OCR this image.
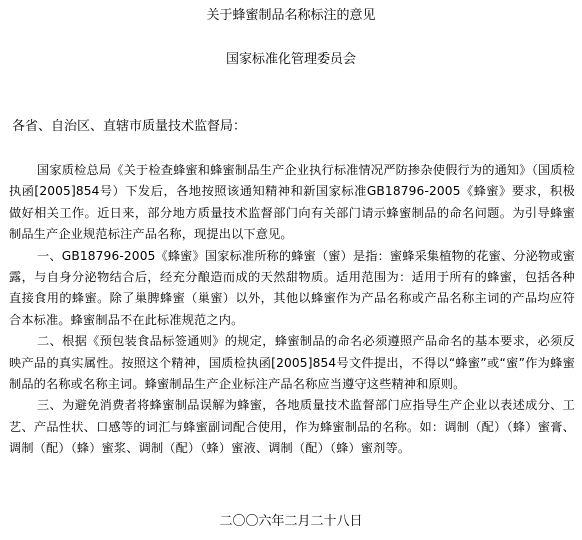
关于蜂蜜制品名称标注的意见
国家标准化管理委员会
各省、自治区、直辖市质量技术监督局：

国家质检总局《关于检查蜂蜜和蜂蜜制品生产企业执行标准情况严防掺杂使假行为的通知》（国质检执函[2005]854号）下发后，各地按照该通知精神和新国家标准GB18796-2005《蜂蜜》要求，积极做好相关工作。近日来，部分地方质量技术监督部门向有关部门请示蜂蜜制品的命名问题。为引导蜂蜜制品生产企业规范标注产品名称，现提出以下意见。

一、GB18796-2005《蜂蜜》国家标准所称的蜂蜜（蜜）是指：蜜蜂采集植物的花蜜、分泌物或蜜露，与自身分泌物结合后，经充分酿造而成的天然甜物质。适用范围为：适用于所有的蜂蜜，包括各种直接食用的蜂蜜。除了巢脾蜂蜜（巢蜜）以外，其他以蜂蜜作为产品名称或产品名称主词的产品均应符合本标准。蜂蜜制品不在此标准规范之内。

二、根据《预包装食品标签通则》的规定，蜂蜜制品的命名必须遵照产品命名的基本要求，必须反映产品的真实属性。按照这个精神，国质检执函[2005]854号文件提出，不得以“蜂蜜”或“蜜”作为蜂蜜制品的名称或名称主词。蜂蜜制品生产企业标注产品名称应当遵守这些精神和原则。

三、为避免消费者将蜂蜜制品误解为蜂蜜，各地质量技术监督部门应指导生产企业以表述成分、工艺、产品性状、口感等的词汇与蜂蜜副词配合使用，作为蜂蜜制品的名称。如：调制（配）（蜂）蜜膏、调制（配）（蜂）蜜浆、调制（配）（蜂）蜜液、调制（配）（蜂）蜜剂等。

二〇〇六年二月二十八日
